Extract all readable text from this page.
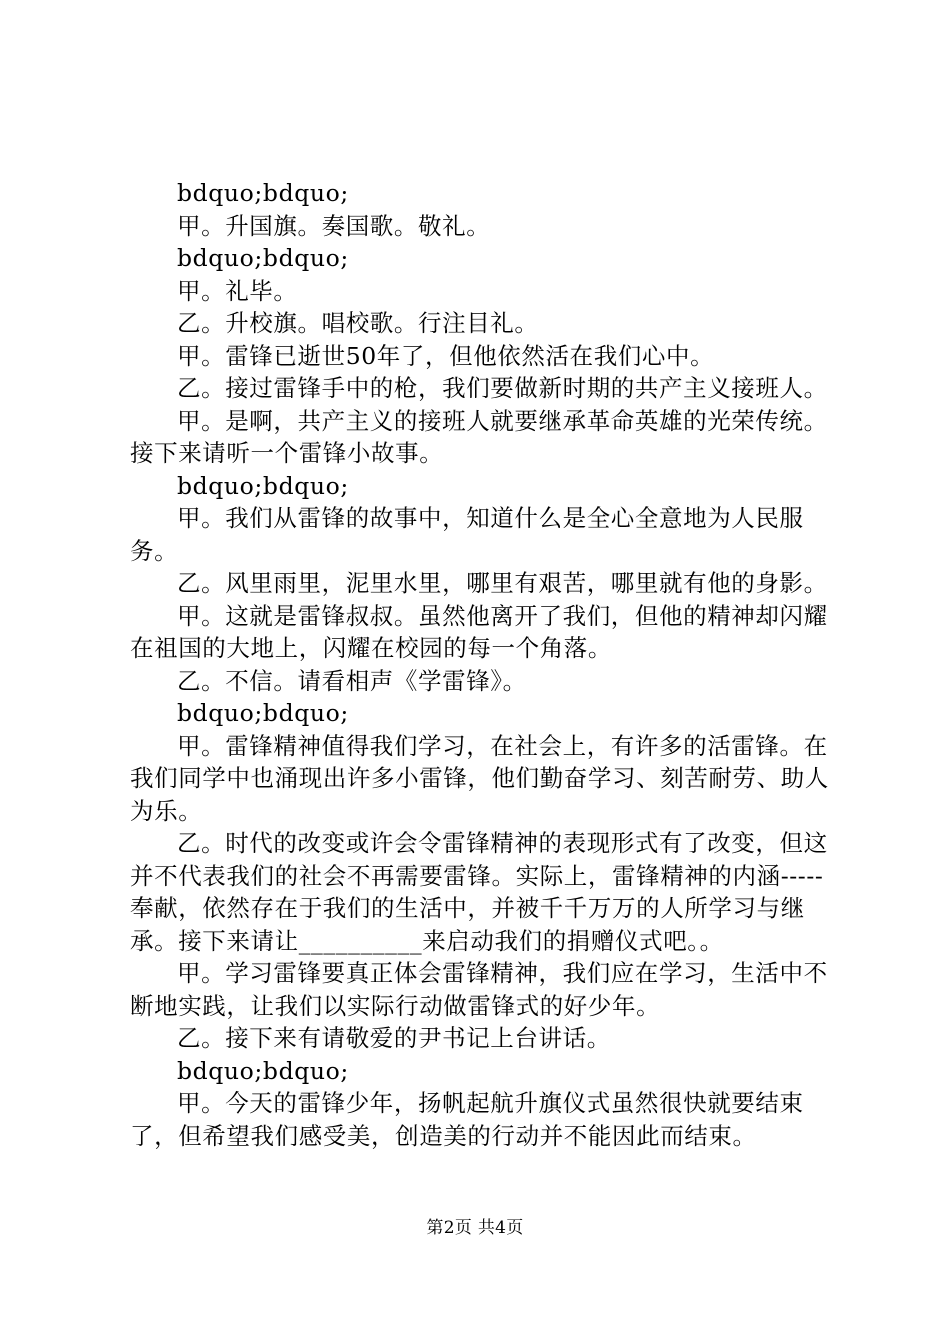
bdquo;bdquo;
甲。升国旗。奏国歌。敬礼。
bdquo;bdquo;
甲。礼毕。
乙。升校旗。唱校歌。行注目礼。
甲。雷锋已逝世50年了，但他依然活在我们心中。
乙。接过雷锋手中的枪，我们要做新时期的共产主义接班人。
甲。是啊，共产主义的接班人就要继承革命英雄的光荣传统。接下来请听一个雷锋小故事。
bdquo;bdquo;
甲。我们从雷锋的故事中，知道什么是全心全意地为人民服务。
乙。风里雨里，泥里水里，哪里有艰苦，哪里就有他的身影。
甲。这就是雷锋叔叔。虽然他离开了我们，但他的精神却闪耀在祖国的大地上，闪耀在校园的每一个角落。
乙。不信。请看相声《学雷锋》。
bdquo;bdquo;
甲。雷锋精神值得我们学习，在社会上，有许多的活雷锋。在我们同学中也涌现出许多小雷锋，他们勤奋学习、刻苦耐劳、助人为乐。
乙。时代的改变或许会令雷锋精神的表现形式有了改变，但这并不代表我们的社会不再需要雷锋。实际上，雷锋精神的内涵-----奉献，依然存在于我们的生活中，并被千千万万的人所学习与继承。接下来请让__________来启动我们的捐赠仪式吧。。
甲。学习雷锋要真正体会雷锋精神，我们应在学习，生活中不断地实践，让我们以实际行动做雷锋式的好少年。
乙。接下来有请敬爱的尹书记上台讲话。
bdquo;bdquo;
甲。今天的雷锋少年，扬帆起航升旗仪式虽然很快就要结束了，但希望我们感受美，创造美的行动并不能因此而结束。
第2页 共4页
